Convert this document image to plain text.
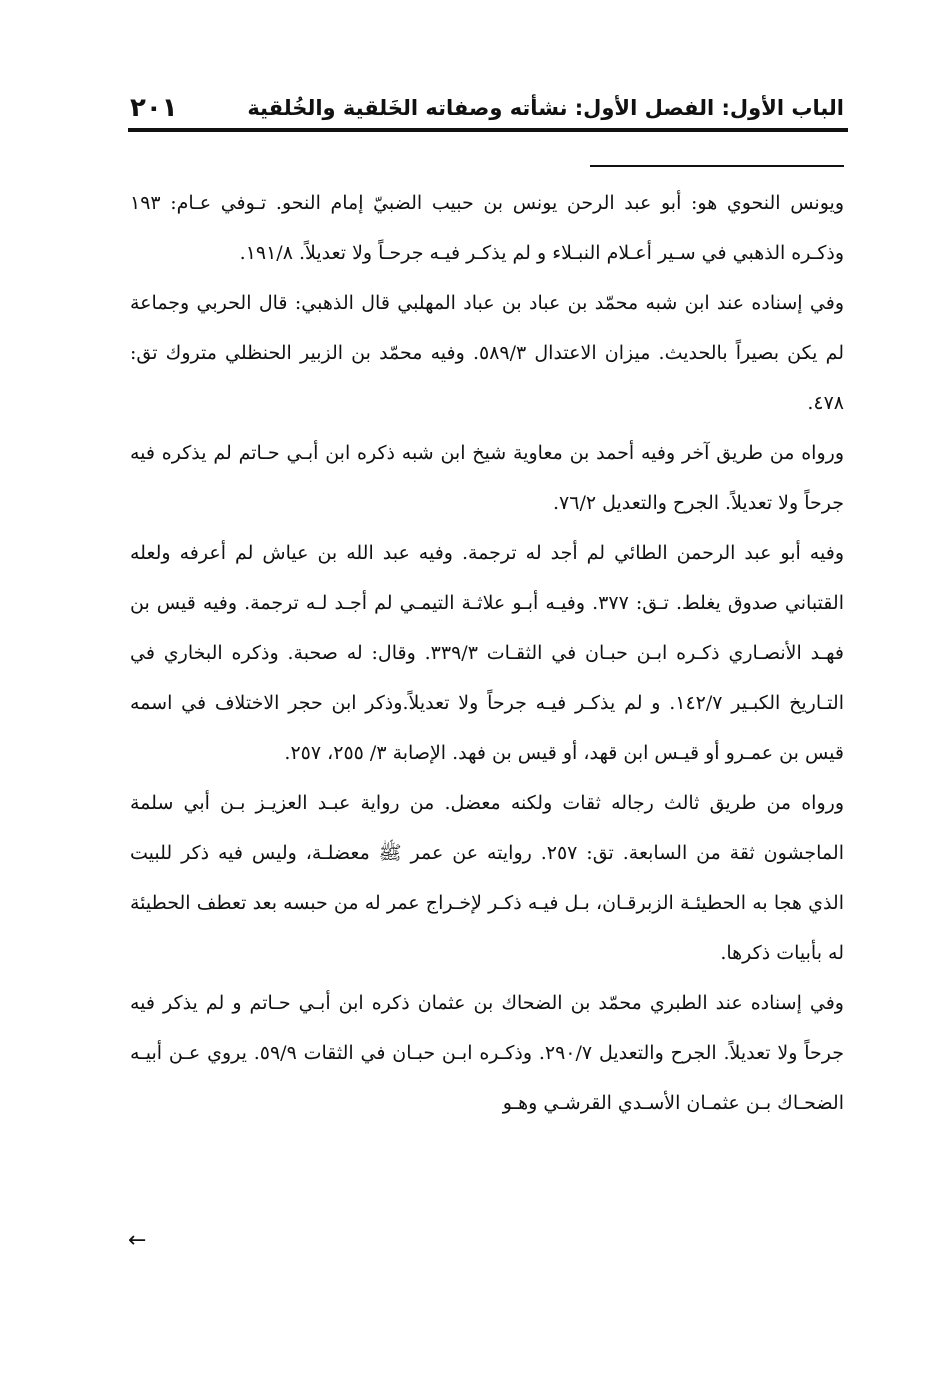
٢٠١	الباب الأول: الفصل الأول: نشأته وصفاته الخَلقية والخُلقية

ويونس النحوي هو: أبو عبد الرحن يونس بن حبيب الضبيّ إمام النحو. تـوفي عـام: ١٩٣ وذكـره الذهبي في سـير أعـلام النبـلاء و لم يذكـر فيـه جرحـاً ولا تعديلاً. ١٩١/٨.

وفي إسناده عند ابن شبه محمّد بن عباد بن عباد المهلبي قال الذهبي: قال الحربي وجماعة لم يكن بصيراً بالحديث. ميزان الاعتدال ٥٨٩/٣. وفيه محمّد بن الزبير الحنظلي متروك تق: ٤٧٨.

ورواه من طريق آخر وفيه أحمد بن معاوية شيخ ابن شبه ذكره ابن أبـي حـاتم لم يذكره فيه جرحاً ولا تعديلاً. الجرح والتعديل ٧٦/٢.

وفيه أبو عبد الرحمن الطائي لم أجد له ترجمة. وفيه عبد الله بن عياش لم أعرفه ولعله القتباني صدوق يغلط. تـق: ٣٧٧. وفيـه أبـو علاثـة التيمـي لم أجـد لـه ترجمة. وفيه قيس بن فهـد الأنصـاري ذكـره ابـن حبـان في الثقـات ٣٣٩/٣. وقال: له صحبة. وذكره البخاري في التـاريخ الكبـير ١٤٢/٧. و لم يذكـر فيـه جرحاً ولا تعديلاً.وذكر ابن حجر الاختلاف في اسمه قيس بن عمـرو أو قيـس ابن قهد، أو قيس بن فهد. الإصابة ٣/ ٢٥٥، ٢٥٧.

ورواه من طريق ثالث رجاله ثقات ولكنه معضل. من رواية عبـد العزيـز بـن أبي سلمة الماجشون ثقة من السابعة. تق: ٢٥٧. روايته عن عمر ﷺ معضلـة، وليس فيه ذكر للبيت الذي هجا به الحطيئـة الزبرقـان، بـل فيـه ذكـر لإخـراج عمر له من حبسه بعد تعطف الحطيئة له بأبيات ذكرها.

وفي إسناده عند الطبري محمّد بن الضحاك بن عثمان ذكره ابن أبـي حـاتم و لم يذكر فيه جرحاً ولا تعديلاً. الجرح والتعديل ٢٩٠/٧. وذكـره ابـن حبـان في الثقات ٥٩/٩. يروي عـن أبيـه الضحـاك بـن عثمـان الأسـدي القرشـي وهـو

←
